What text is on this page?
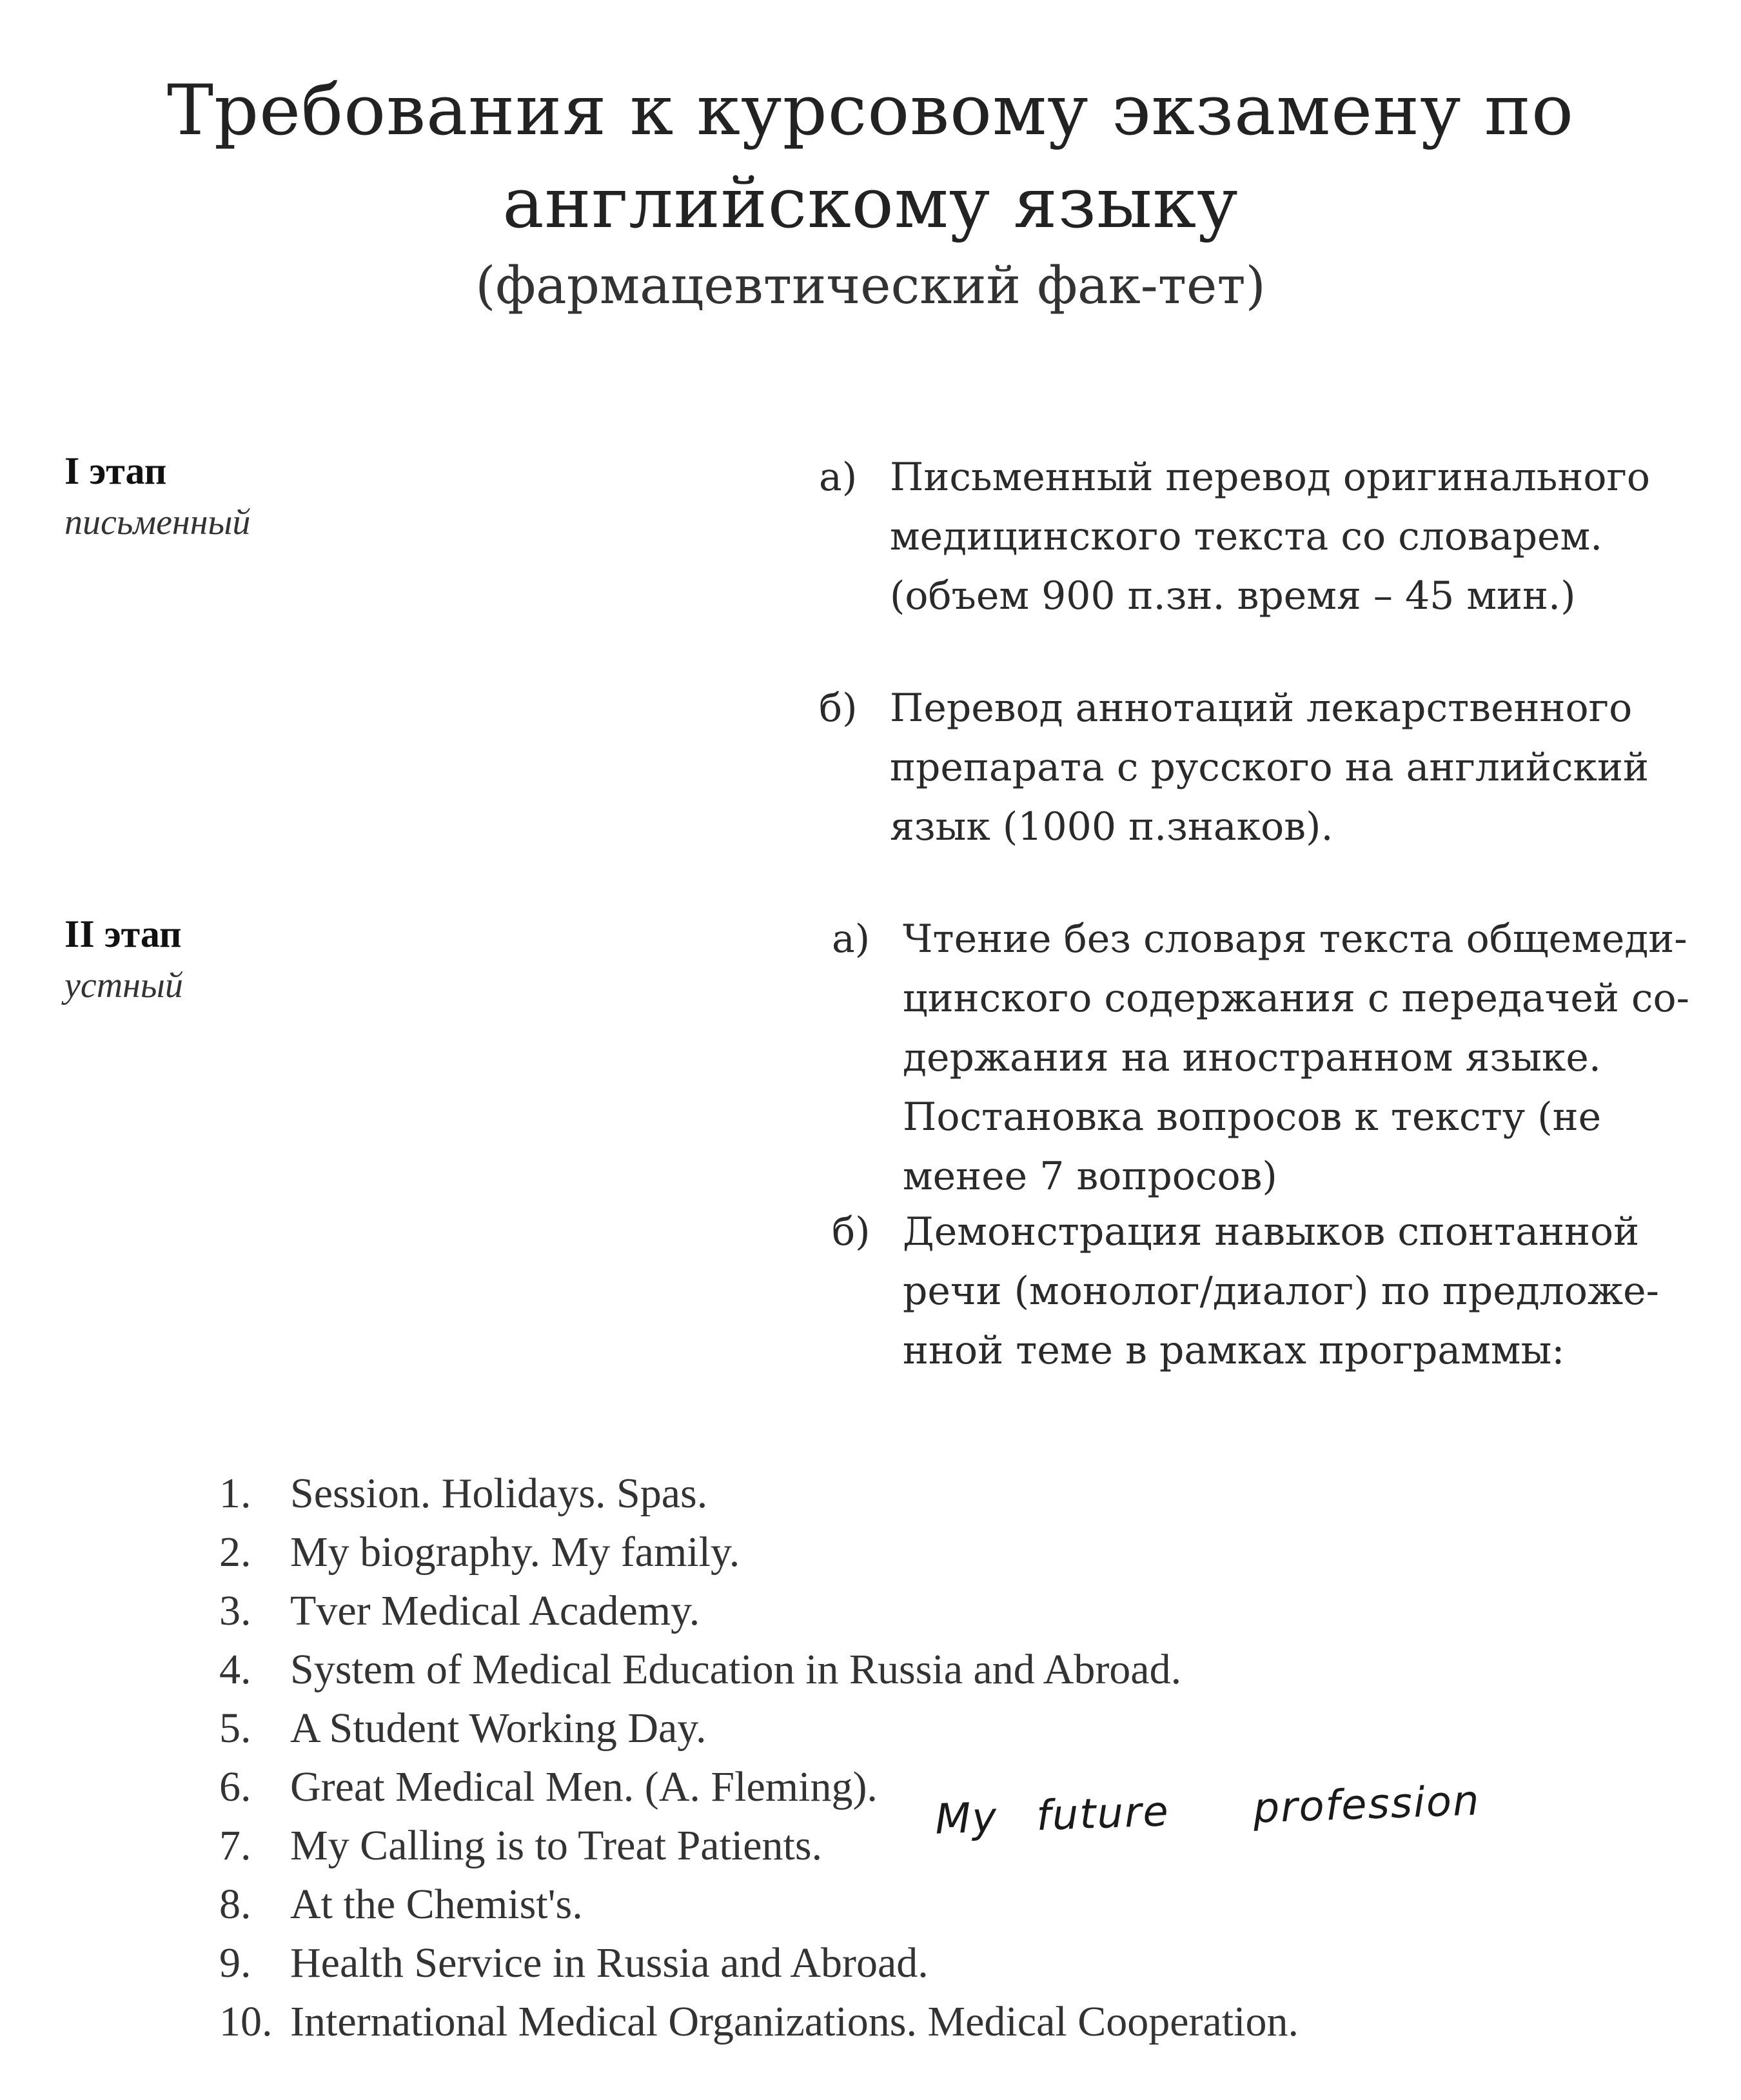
Требования к курсовому экзамену по

английскому языку

(фармацевтический фак-тет)

I этап
письменный
а) Письменный перевод оригинального медицинского текста со словарем. (объем 900 п.зн. время – 45 мин.)
б) Перевод аннотаций лекарственного препарата с русского на английский язык (1000 п.знаков).
II этап
устный
а) Чтение без словаря текста общемеди-цинского содержания с передачей со-держания на иностранном языке. Постановка вопросов к тексту (не менее 7 вопросов)
б) Демонстрация навыков спонтанной речи (монолог/диалог) по предложе-нной теме в рамках программы:
1. Session. Holidays. Spas.
2. My biography. My family.
3. Tver Medical Academy.
4. System of Medical Education in Russia and Abroad.
5. A Student Working Day.
6. Great Medical Men. (A. Fleming).
7. My Calling is to Treat Patients.
8. At the Chemist's.
9. Health Service in Russia and Abroad.
10. International Medical Organizations. Medical Cooperation.
My future profession
